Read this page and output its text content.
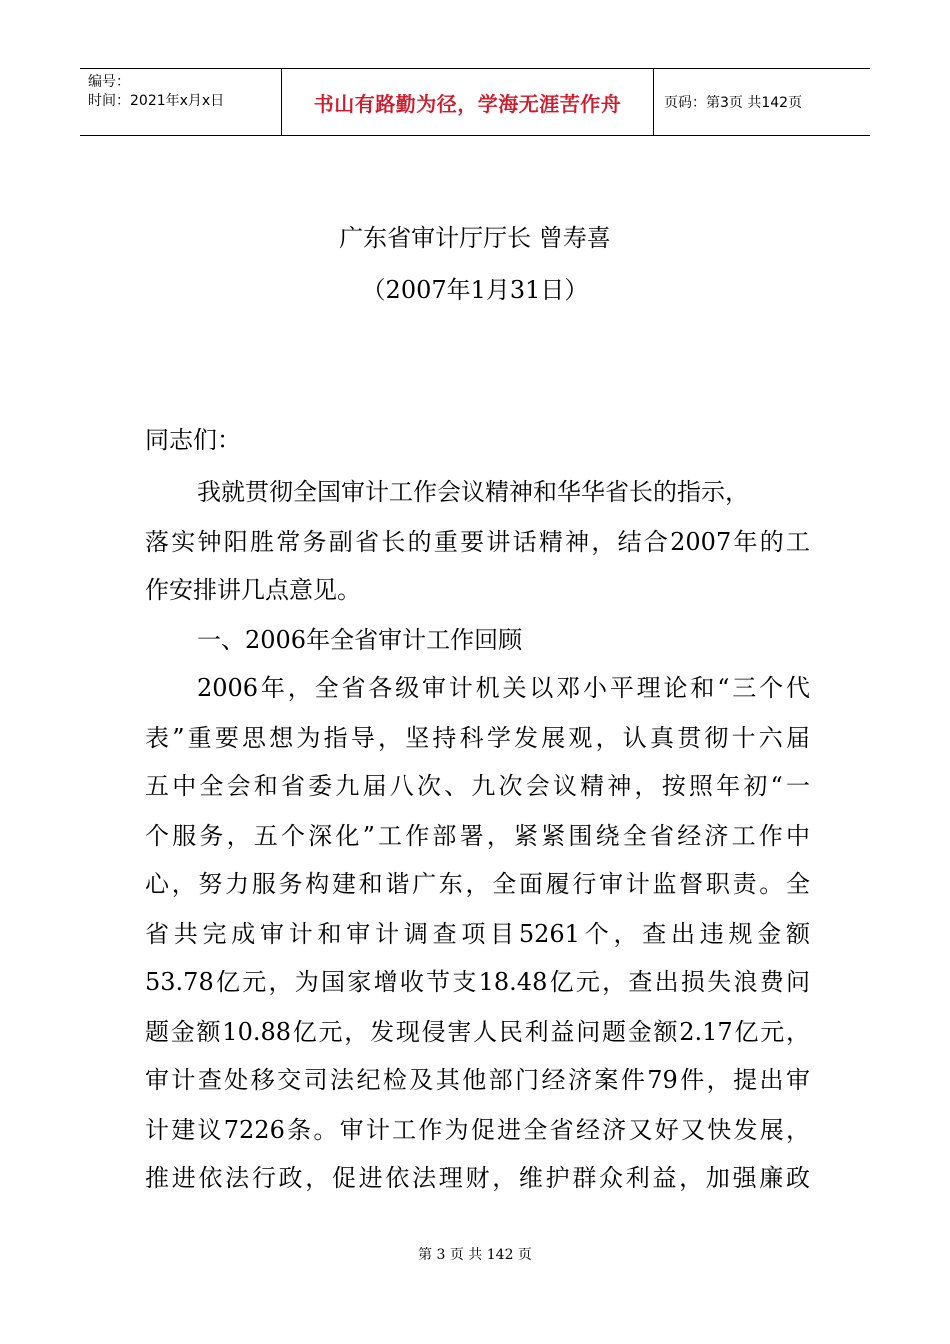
编号：
时间：2021年x月x日	书山有路勤为径，学海无涯苦作舟	页码：第3页 共142页
广东省审计厅厅长 曾寿喜
（2007年1月31日）
同志们：
我就贯彻全国审计工作会议精神和华华省长的指示，
落实钟阳胜常务副省长的重要讲话精神，结合2007年的工
作安排讲几点意见。
一、2006年全省审计工作回顾
2006年，全省各级审计机关以邓小平理论和“三个代
表”重要思想为指导，坚持科学发展观，认真贯彻十六届
五中全会和省委九届八次、九次会议精神，按照年初“一
个服务，五个深化”工作部署，紧紧围绕全省经济工作中
心，努力服务构建和谐广东，全面履行审计监督职责。全
省共完成审计和审计调查项目5261个，查出违规金额
53.78亿元，为国家增收节支18.48亿元，查出损失浪费问
题金额10.88亿元，发现侵害人民利益问题金额2.17亿元，
审计查处移交司法纪检及其他部门经济案件79件，提出审
计建议7226条。审计工作为促进全省经济又好又快发展，
推进依法行政，促进依法理财，维护群众利益，加强廉政
第 3 页 共 142 页
